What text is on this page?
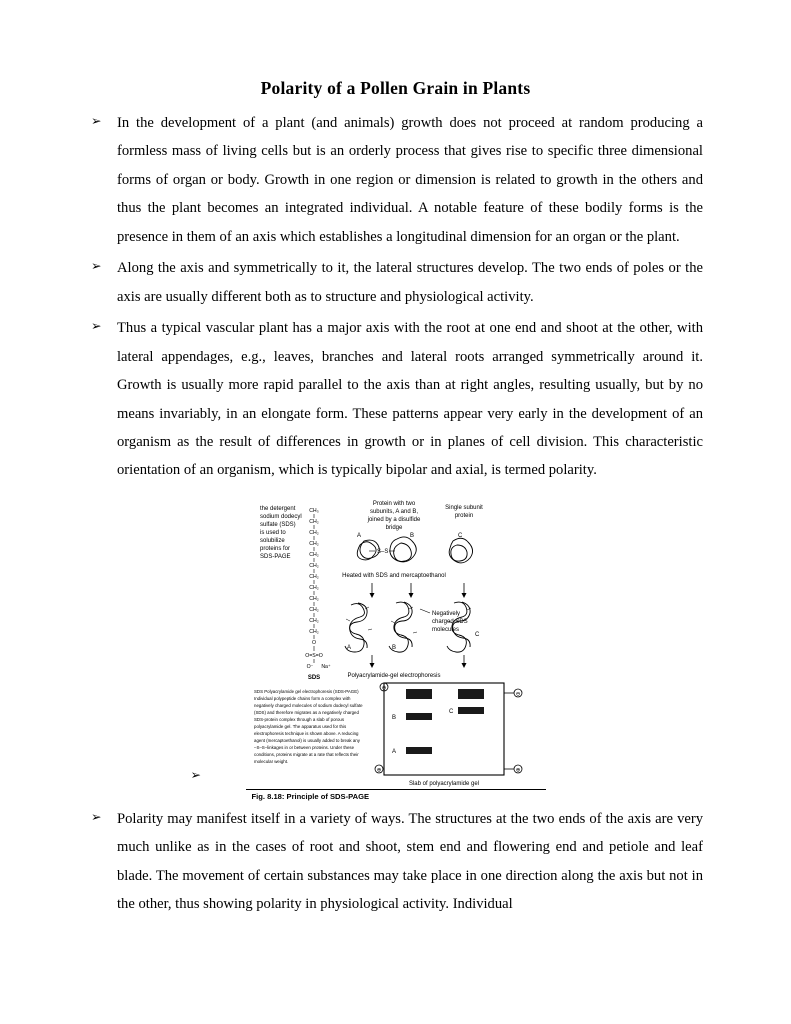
Polarity of a Pollen Grain in Plants
➢ In the development of a plant (and animals) growth does not proceed at random producing a formless mass of living cells but is an orderly process that gives rise to specific three dimensional forms of organ or body. Growth in one region or dimension is related to growth in the others and thus the plant becomes an integrated individual. A notable feature of these bodily forms is the presence in them of an axis which establishes a longitudinal dimension for an organ or the plant.
➢ Along the axis and symmetrically to it, the lateral structures develop. The two ends of poles or the axis are usually different both as to structure and physiological activity.
➢ Thus a typical vascular plant has a major axis with the root at one end and shoot at the other, with lateral appendages, e.g., leaves, branches and lateral roots arranged symmetrically around it. Growth is usually more rapid parallel to the axis than at right angles, resulting usually, but by no means invariably, in an elongate form. These patterns appear very early in the development of an organism as the result of differences in growth or in planes of cell division. This characteristic orientation of an organism, which is typically bipolar and axial, is termed polarity.
➢
CH₃
CH₂
CH₂
CH₂
CH₂
CH₂
CH₂
CH₂
CH₂
CH₂
CH₂
CH₂
O
O=S=O
O⁻ Na⁺
SDS
the detergent
sodium dodecyl
sulfate (SDS)
is used to
solubilize
proteins for
SDS-PAGE
Protein with two
subunits, A and B,
joined by a disulfide
bridge
Single subunit
protein
A	B	C
S–S
Heated with SDS and mercaptoethanol
A	B
C
Negatively
charged SDS
molecules
Polyacrylamide-gel electrophoresis
⊖
⊖
⊕
⊕
B
A
C
Slab of polyacrylamide gel
SDS Polyacrylamide gel electrophoresis (SDS-PAGE)
Individual polypeptide chains form a complex with
negatively charged molecules of sodium dodecyl sulfate
(SDS) and therefore migrates as a negatively charged
SDS-protein complex through a slab of porous
polyacrylamide gel. The apparatus used for this
electrophoresis technique is shown above. A reducing
agent (mercaptoethanol) is usually added to break any
–S–S–linkages in or between proteins. Under these
conditions, proteins migrate at a rate that reflects their
molecular weight.
Fig. 8.18: Principle of SDS-PAGE
➢ Polarity may manifest itself in a variety of ways. The structures at the two ends of the axis are very much unlike as in the cases of root and shoot, stem end and flowering end and petiole and leaf blade. The movement of certain substances may take place in one direction along the axis but not in the other, thus showing polarity in physiological activity. Individual
